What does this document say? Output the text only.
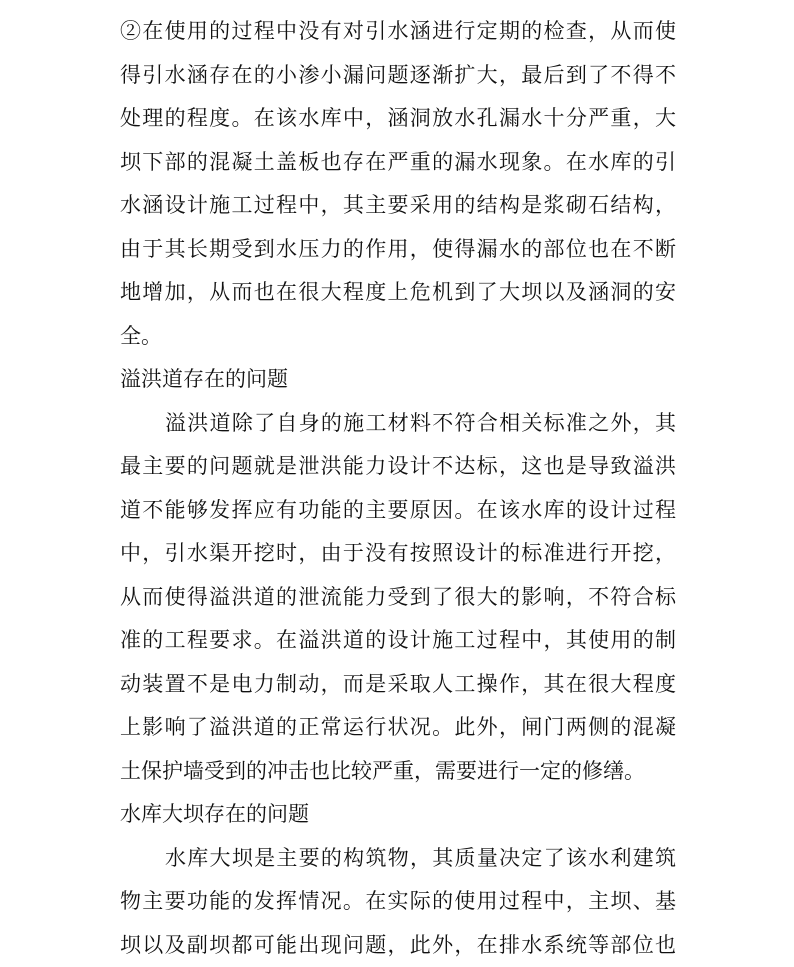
②在使用的过程中没有对引水涵进行定期的检查，从而使
得引水涵存在的小渗小漏问题逐渐扩大，最后到了不得不
处理的程度。在该水库中，涵洞放水孔漏水十分严重，大
坝下部的混凝土盖板也存在严重的漏水现象。在水库的引
水涵设计施工过程中，其主要采用的结构是浆砌石结构，
由于其长期受到水压力的作用，使得漏水的部位也在不断
地增加，从而也在很大程度上危机到了大坝以及涵洞的安
全。
溢洪道存在的问题
溢洪道除了自身的施工材料不符合相关标准之外，其
最主要的问题就是泄洪能力设计不达标，这也是导致溢洪
道不能够发挥应有功能的主要原因。在该水库的设计过程
中，引水渠开挖时，由于没有按照设计的标准进行开挖，
从而使得溢洪道的泄流能力受到了很大的影响，不符合标
准的工程要求。在溢洪道的设计施工过程中，其使用的制
动装置不是电力制动，而是采取人工操作，其在很大程度
上影响了溢洪道的正常运行状况。此外，闸门两侧的混凝
土保护墙受到的冲击也比较严重，需要进行一定的修缮。
水库大坝存在的问题
水库大坝是主要的构筑物，其质量决定了该水利建筑
物主要功能的发挥情况。在实际的使用过程中，主坝、基
坝以及副坝都可能出现问题，此外，在排水系统等部位也
